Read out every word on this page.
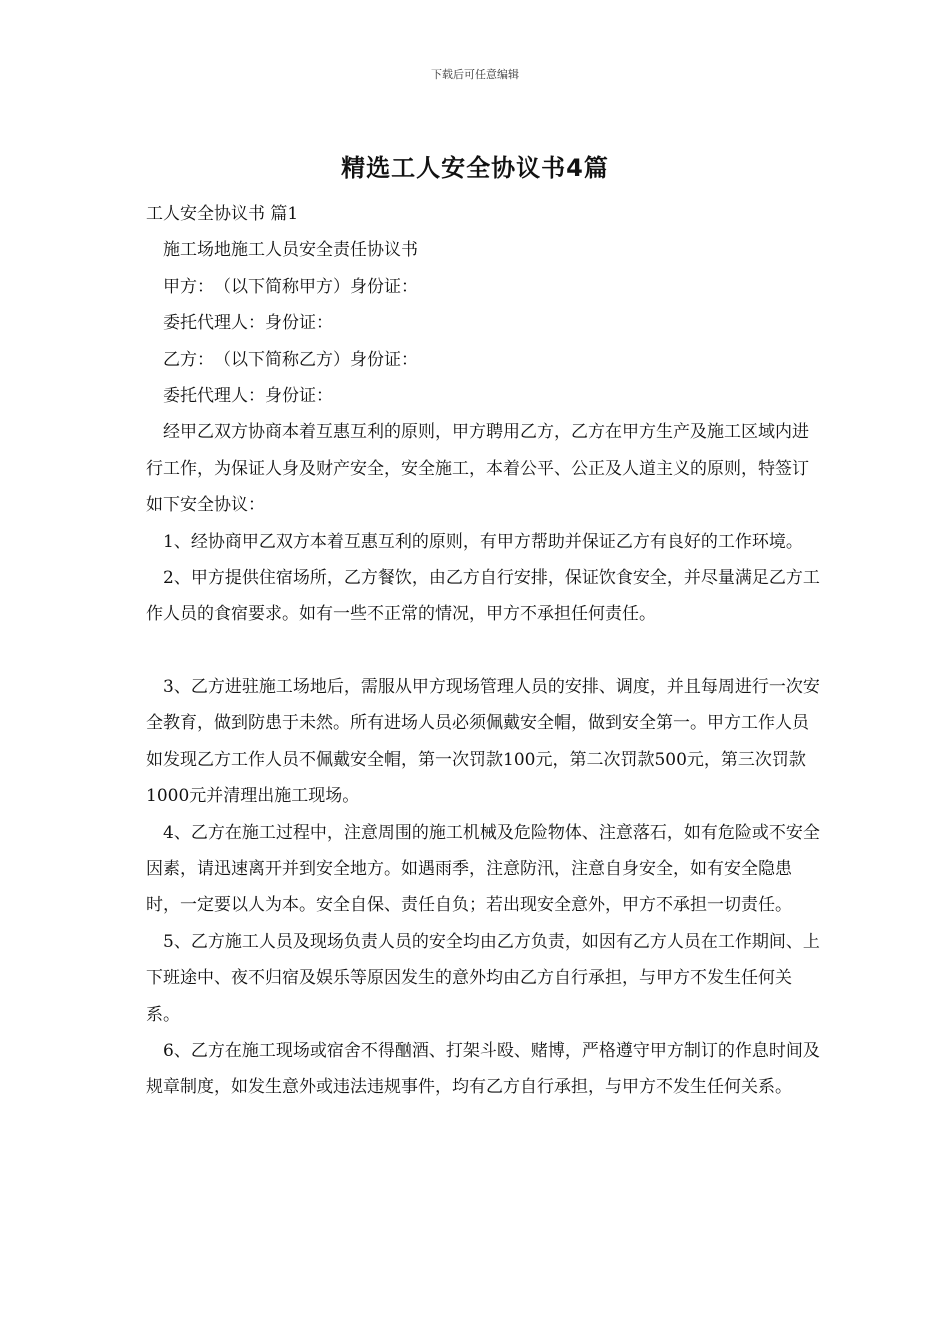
下载后可任意编辑
精选工人安全协议书4篇

工人安全协议书 篇1

施工场地施工人员安全责任协议书

甲方：　（以下简称甲方）身份证：

委托代理人：身份证：

乙方：　（以下简称乙方）身份证：

委托代理人：身份证：

经甲乙双方协商本着互惠互利的原则，甲方聘用乙方，乙方在甲方生产及施工区域内进行工作，为保证人身及财产安全，安全施工，本着公平、公正及人道主义的原则，特签订如下安全协议：

1、经协商甲乙双方本着互惠互利的原则，有甲方帮助并保证乙方有良好的工作环境。

2、甲方提供住宿场所，乙方餐饮，由乙方自行安排，保证饮食安全，并尽量满足乙方工作人员的食宿要求。如有一些不正常的情况，甲方不承担任何责任。

3、乙方进驻施工场地后，需服从甲方现场管理人员的安排、调度，并且每周进行一次安全教育，做到防患于未然。所有进场人员必须佩戴安全帽，做到安全第一。甲方工作人员如发现乙方工作人员不佩戴安全帽，第一次罚款100元，第二次罚款500元，第三次罚款1000元并清理出施工现场。

4、乙方在施工过程中，注意周围的施工机械及危险物体、注意落石，如有危险或不安全因素，请迅速离开并到安全地方。如遇雨季，注意防汛，注意自身安全，如有安全隐患时，一定要以人为本。安全自保、责任自负；若出现安全意外，甲方不承担一切责任。

5、乙方施工人员及现场负责人员的安全均由乙方负责，如因有乙方人员在工作期间、上下班途中、夜不归宿及娱乐等原因发生的意外均由乙方自行承担，与甲方不发生任何关系。

6、乙方在施工现场或宿舍不得酗酒、打架斗殴、赌博，严格遵守甲方制订的作息时间及规章制度，如发生意外或违法违规事件，均有乙方自行承担，与甲方不发生任何关系。
